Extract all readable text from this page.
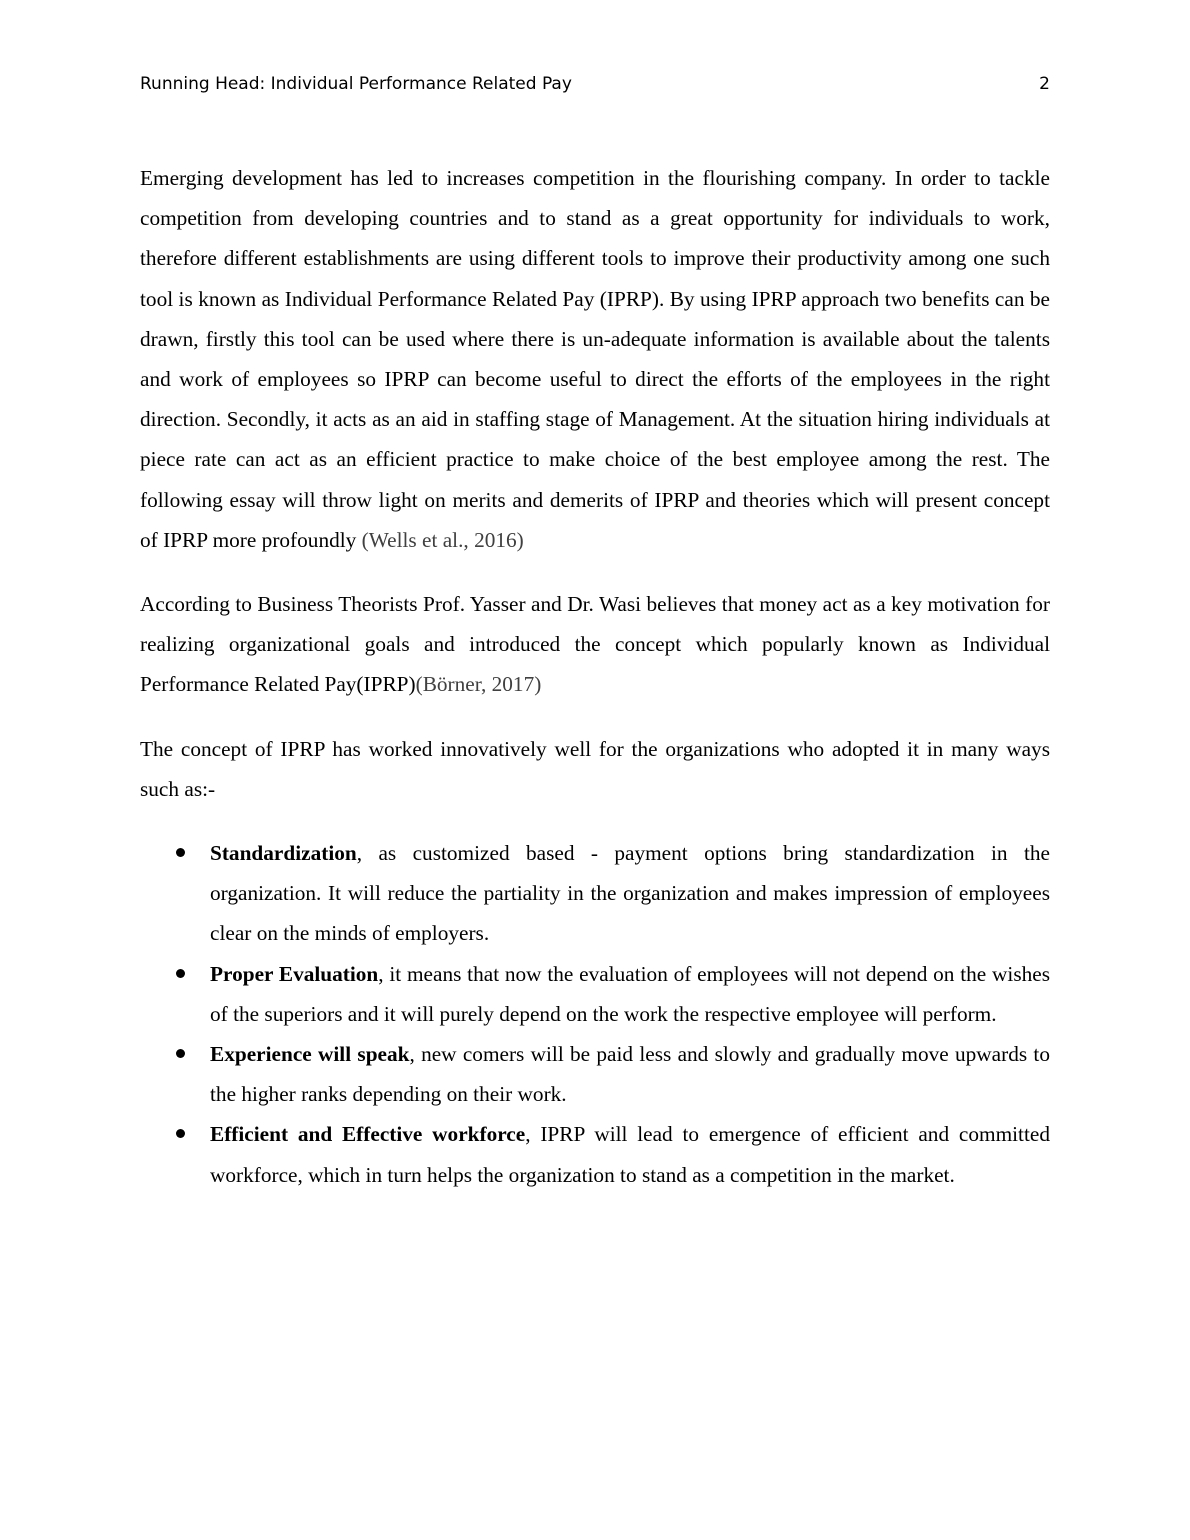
Running Head: Individual Performance Related Pay	2

Emerging development has led to increases competition in the flourishing company. In order to tackle competition from developing countries and to stand as a great opportunity for individuals to work, therefore different establishments are using different tools to improve their productivity among one such tool is known as Individual Performance Related Pay (IPRP). By using IPRP approach two benefits can be drawn, firstly this tool can be used where there is un-adequate information is available about the talents and work of employees so IPRP can become useful to direct the efforts of the employees in the right direction. Secondly, it acts as an aid in staffing stage of Management. At the situation hiring individuals at piece rate can act as an efficient practice to make choice of the best employee among the rest. The following essay will throw light on merits and demerits of IPRP and theories which will present concept of IPRP more profoundly (Wells et al., 2016)

According to Business Theorists Prof. Yasser and Dr. Wasi believes that money act as a key motivation for realizing organizational goals and introduced the concept which popularly known as Individual Performance Related Pay(IPRP)(Börner, 2017)

The concept of IPRP has worked innovatively well for the organizations who adopted it in many ways such as:-

Standardization, as customized based - payment options bring standardization in the organization. It will reduce the partiality in the organization and makes impression of employees clear on the minds of employers.
Proper Evaluation, it means that now the evaluation of employees will not depend on the wishes of the superiors and it will purely depend on the work the respective employee will perform.
Experience will speak, new comers will be paid less and slowly and gradually move upwards to the higher ranks depending on their work.
Efficient and Effective workforce, IPRP will lead to emergence of efficient and committed workforce, which in turn helps the organization to stand as a competition in the market.
